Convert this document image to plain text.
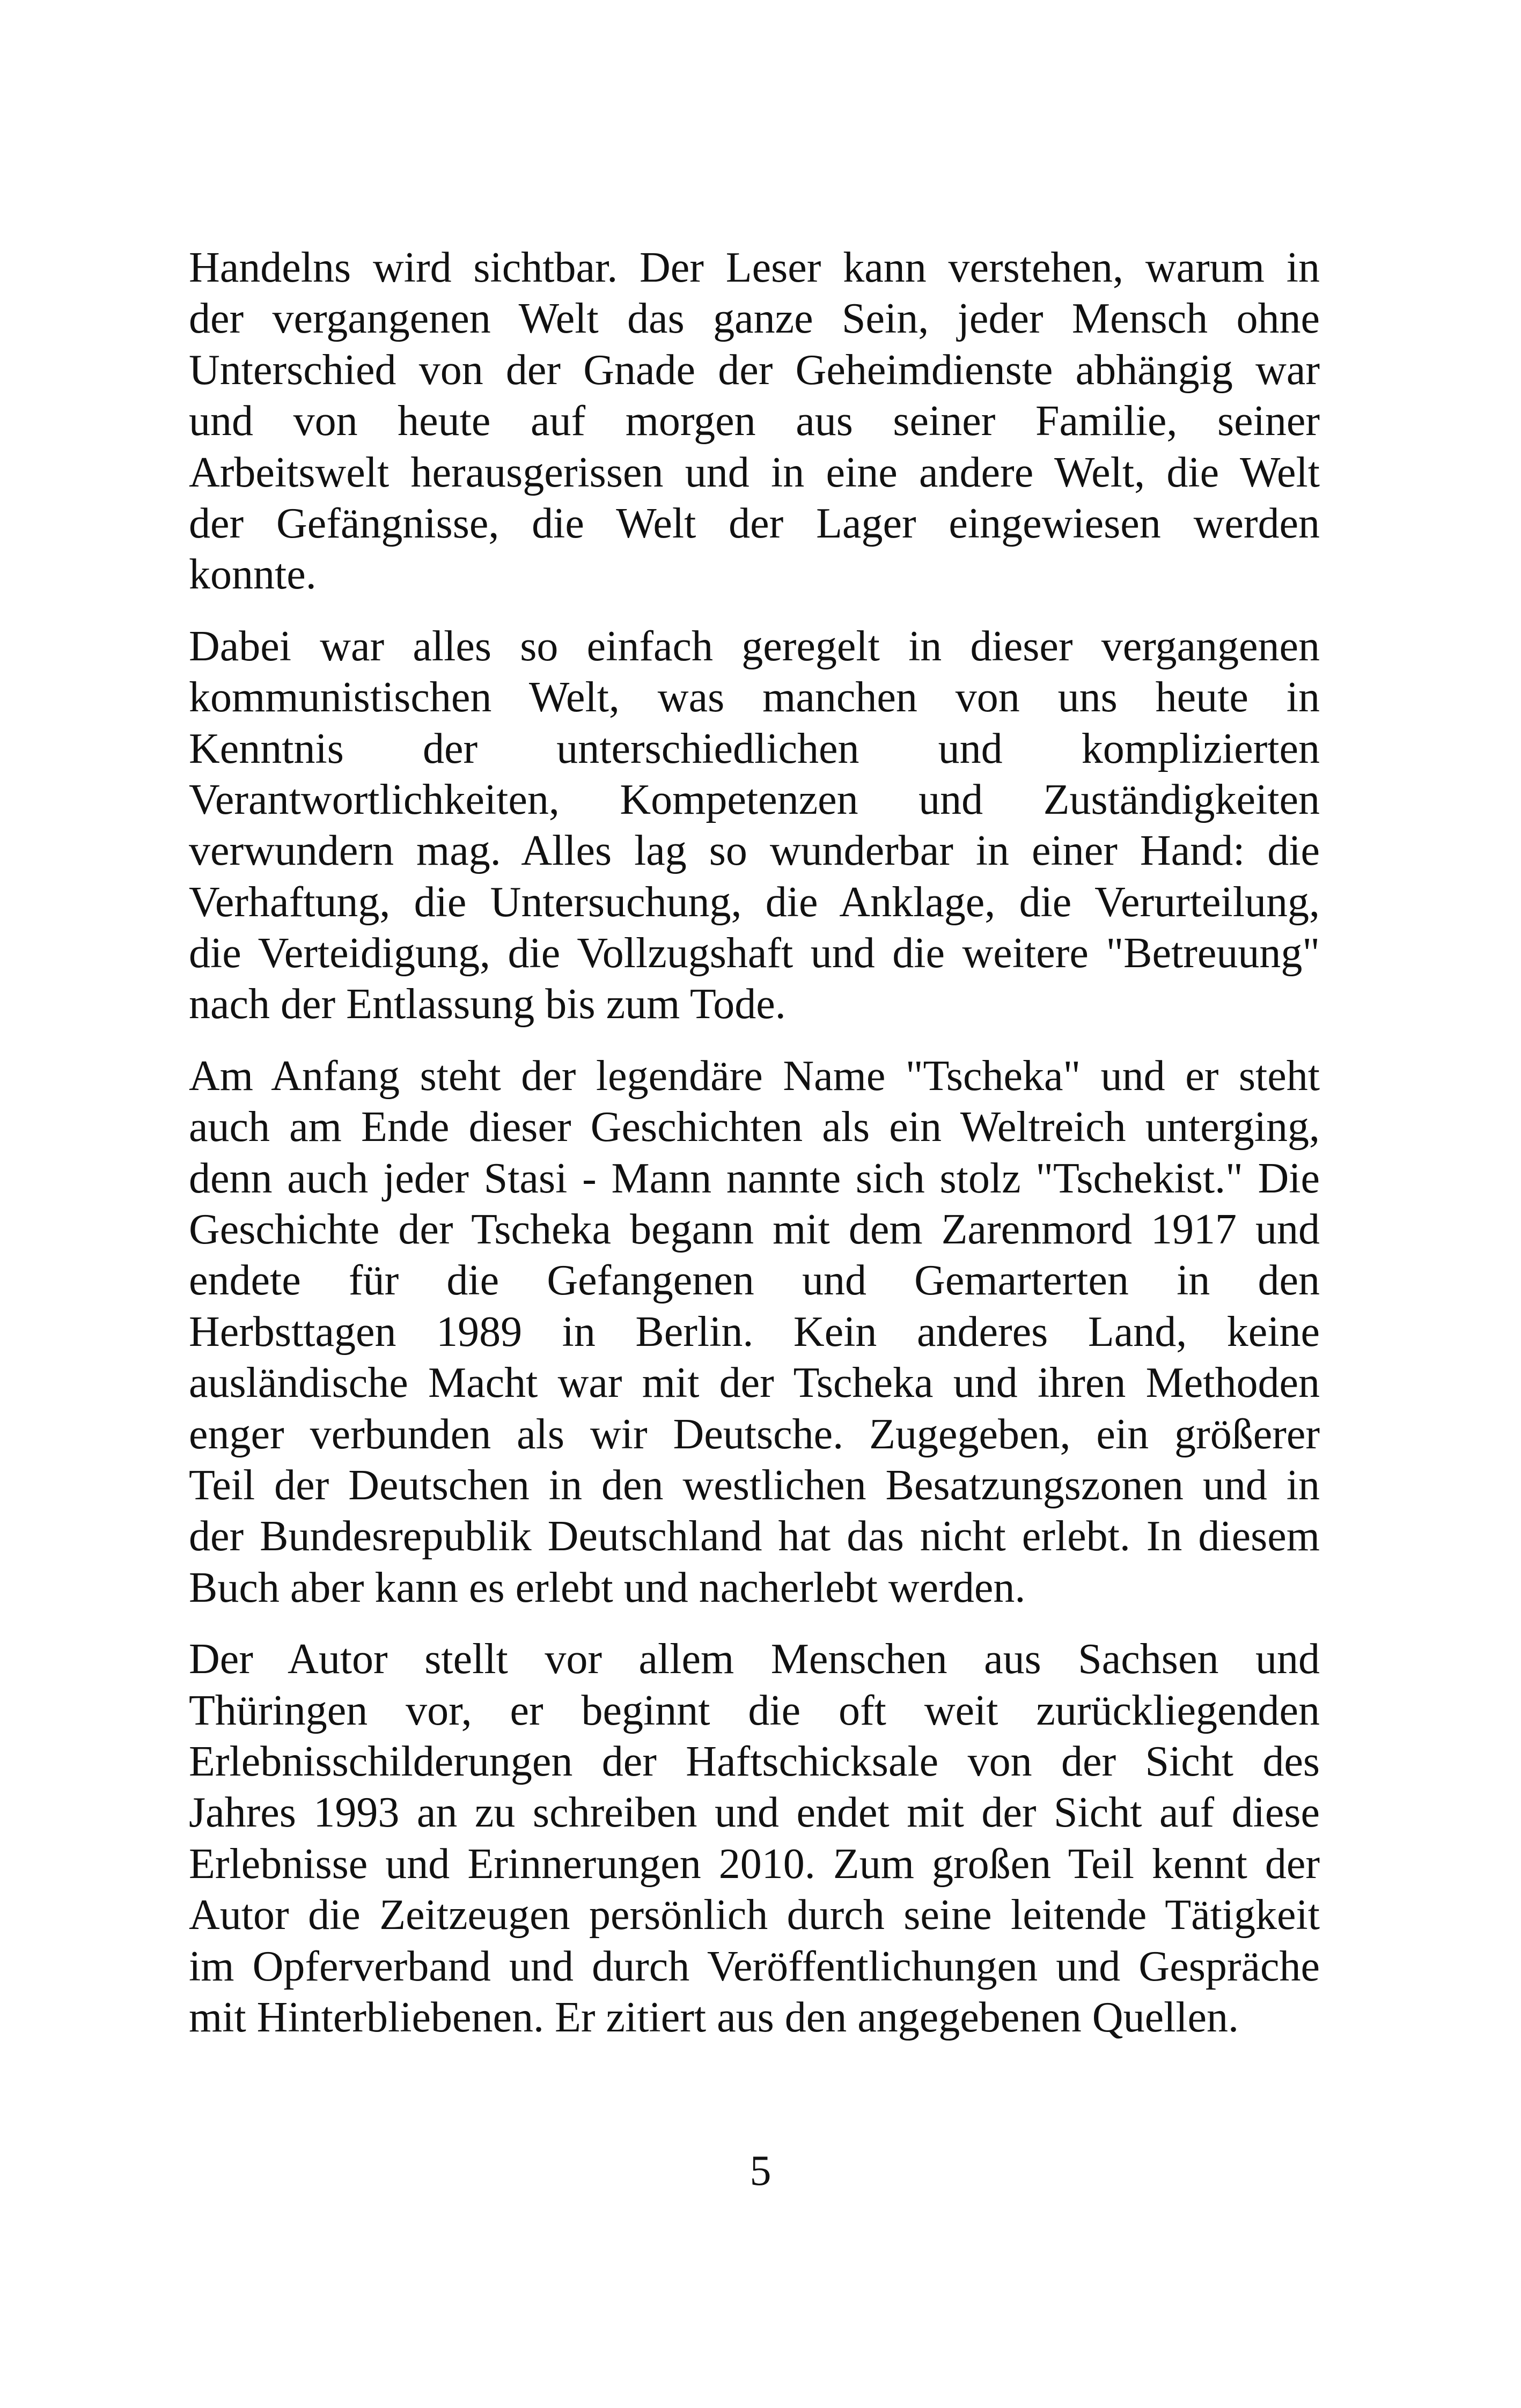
Handelns wird sichtbar. Der Leser kann verstehen, warum in
der vergangenen Welt das ganze Sein, jeder Mensch ohne
Unterschied von der Gnade der Geheimdienste abhängig war
und von heute auf morgen aus seiner Familie, seiner
Arbeitswelt herausgerissen und in eine andere Welt, die Welt
der Gefängnisse, die Welt der Lager eingewiesen werden
konnte.

Dabei war alles so einfach geregelt in dieser vergangenen
kommunistischen Welt, was manchen von uns heute in
Kenntnis der unterschiedlichen und komplizierten
Verantwortlichkeiten, Kompetenzen und Zuständigkeiten
verwundern mag. Alles lag so wunderbar in einer Hand: die
Verhaftung, die Untersuchung, die Anklage, die Verurteilung,
die Verteidigung, die Vollzugshaft und die weitere "Betreuung"
nach der Entlassung bis zum Tode.

Am Anfang steht der legendäre Name "Tscheka" und er steht
auch am Ende dieser Geschichten als ein Weltreich unterging,
denn auch jeder Stasi - Mann nannte sich stolz "Tschekist." Die
Geschichte der Tscheka begann mit dem Zarenmord 1917 und
endete für die Gefangenen und Gemarterten in den
Herbsttagen 1989 in Berlin. Kein anderes Land, keine
ausländische Macht war mit der Tscheka und ihren Methoden
enger verbunden als wir Deutsche. Zugegeben, ein größerer
Teil der Deutschen in den westlichen Besatzungszonen und in
der Bundesrepublik Deutschland hat das nicht erlebt. In diesem
Buch aber kann es erlebt und nacherlebt werden.

Der Autor stellt vor allem Menschen aus Sachsen und
Thüringen vor, er beginnt die oft weit zurückliegenden
Erlebnisschilderungen der Haftschicksale von der Sicht des
Jahres 1993 an zu schreiben und endet mit der Sicht auf diese
Erlebnisse und Erinnerungen 2010. Zum großen Teil kennt der
Autor die Zeitzeugen persönlich durch seine leitende Tätigkeit
im Opferverband und durch Veröffentlichungen und Gespräche
mit Hinterbliebenen. Er zitiert aus den angegebenen Quellen.

5
